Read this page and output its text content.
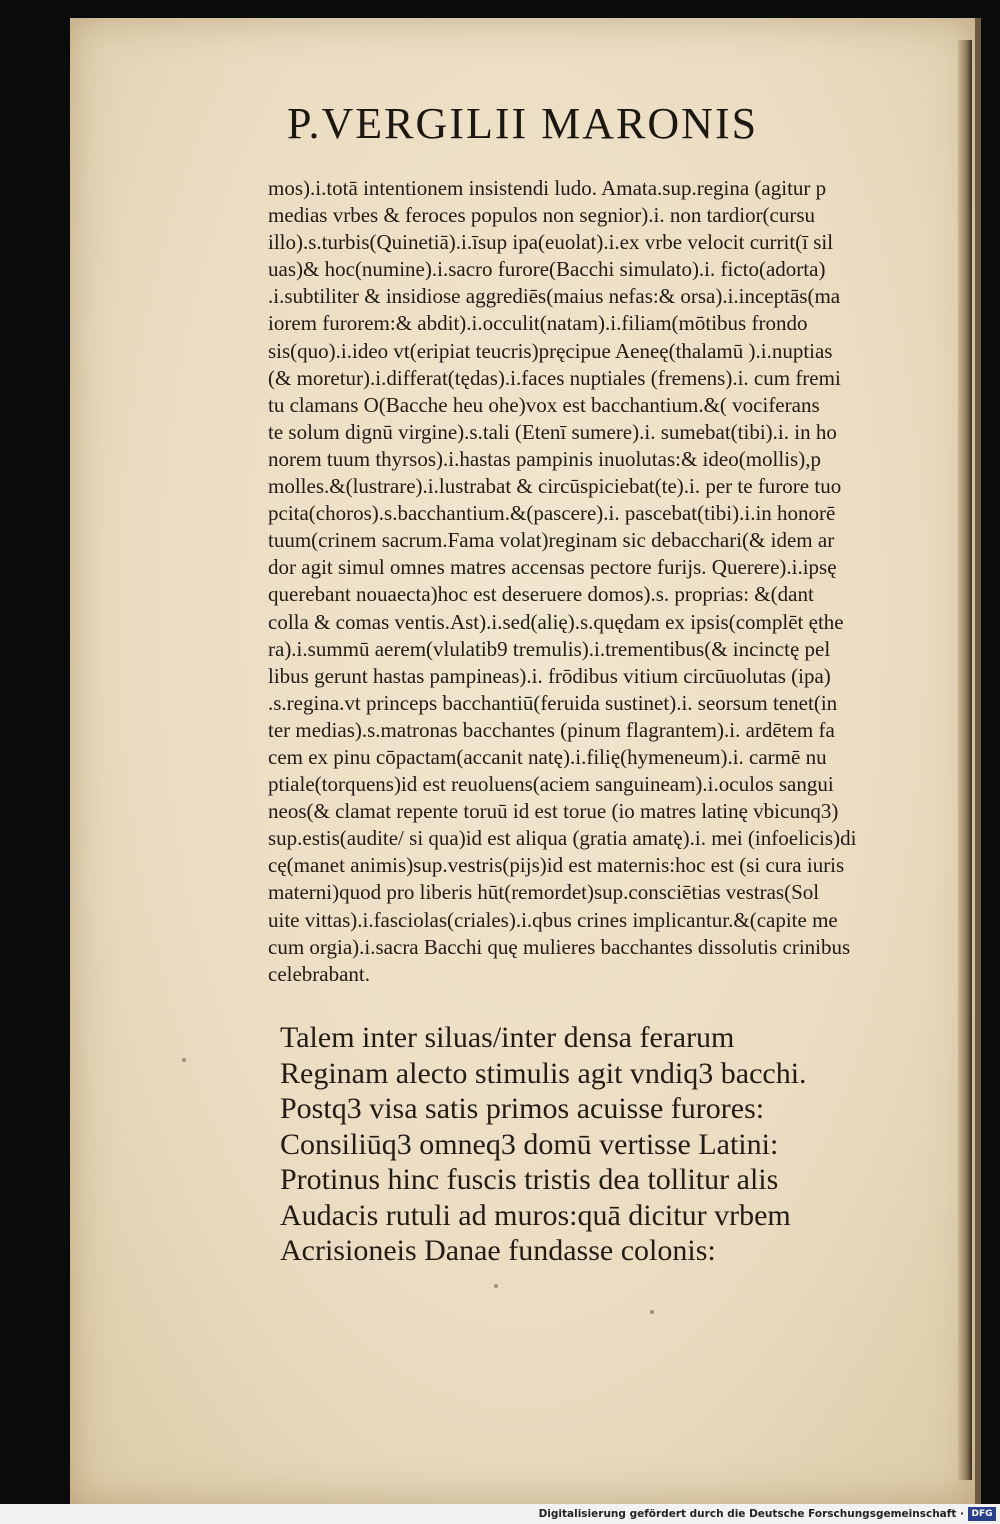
P.VERGILII MARONIS
mos).i.totā intentionem insistendi ludo. Amata.sup.regina (agitur p
medias vrbes & feroces populos non segnior).i. non tardior(cursu
illo).s.turbis(Quinetiā).i.īsup ipa(euolat).i.ex vrbe velocit currit(ī sil
uas)& hoc(numine).i.sacro furore(Bacchi simulato).i. ficto(adorta)
.i.subtiliter & insidiose aggrediēs(maius nefas:& orsa).i.inceptās(ma
iorem furorem:& abdit).i.occulit(natam).i.filiam(mōtibus frondo
sis(quo).i.ideo vt(eripiat teucris)pręcipue Aeneę(thalamū ).i.nuptias
(& moretur).i.differat(tędas).i.faces nuptiales (fremens).i. cum fremi
tu clamans O(Bacche heu ohe)vox est bacchantium.&( vociferans
te solum dignū virgine).s.tali (Etenī sumere).i. sumebat(tibi).i. in ho
norem tuum thyrsos).i.hastas pampinis inuolutas:& ideo(mollis),p
molles.&(lustrare).i.lustrabat & circūspiciebat(te).i. per te furore tuo
pcita(choros).s.bacchantium.&(pascere).i. pascebat(tibi).i.in honorē
tuum(crinem sacrum.Fama volat)reginam sic debacchari(& idem ar
dor agit simul omnes matres accensas pectore furijs. Querere).i.ipsę
querebant nouaecta)hoc est deseruere domos).s. proprias: &(dant
colla & comas ventis.Ast).i.sed(alię).s.quędam ex ipsis(complēt ęthe
ra).i.summū aerem(vlulatib9 tremulis).i.trementibus(& incinctę pel
libus gerunt hastas pampineas).i. frōdibus vitium circūuolutas (ipa)
.s.regina.vt princeps bacchantiū(feruida sustinet).i. seorsum tenet(in
ter medias).s.matronas bacchantes (pinum flagrantem).i. ardētem fa
cem ex pinu cōpactam(accanit natę).i.filię(hymeneum).i. carmē nu
ptiale(torquens)id est reuoluens(aciem sanguineam).i.oculos sangui
neos(& clamat repente toruū id est torue (io matres latinę vbicunq3)
sup.estis(audite/ si qua)id est aliqua (gratia amatę).i. mei (infoelicis)di
cę(manet animis)sup.vestris(pijs)id est maternis:hoc est (si cura iuris
materni)quod pro liberis hūt(remordet)sup.consciētias vestras(Sol
uite vittas).i.fasciolas(criales).i.qbus crines implicantur.&(capite me
cum orgia).i.sacra Bacchi quę mulieres bacchantes dissolutis crinibus
celebrabant.
Talem inter siluas/inter densa ferarum
Reginam alecto stimulis agit vndiq3 bacchi.
Postq3 visa satis primos acuisse furores:
Consiliūq3 omneq3 domū vertisse Latini:
Protinus hinc fuscis tristis dea tollitur alis
Audacis rutuli ad muros:quā dicitur vrbem
Acrisioneis Danae fundasse colonis:
Digitalisierung gefördert durch die Deutsche Forschungsgemeinschaft · DFG
